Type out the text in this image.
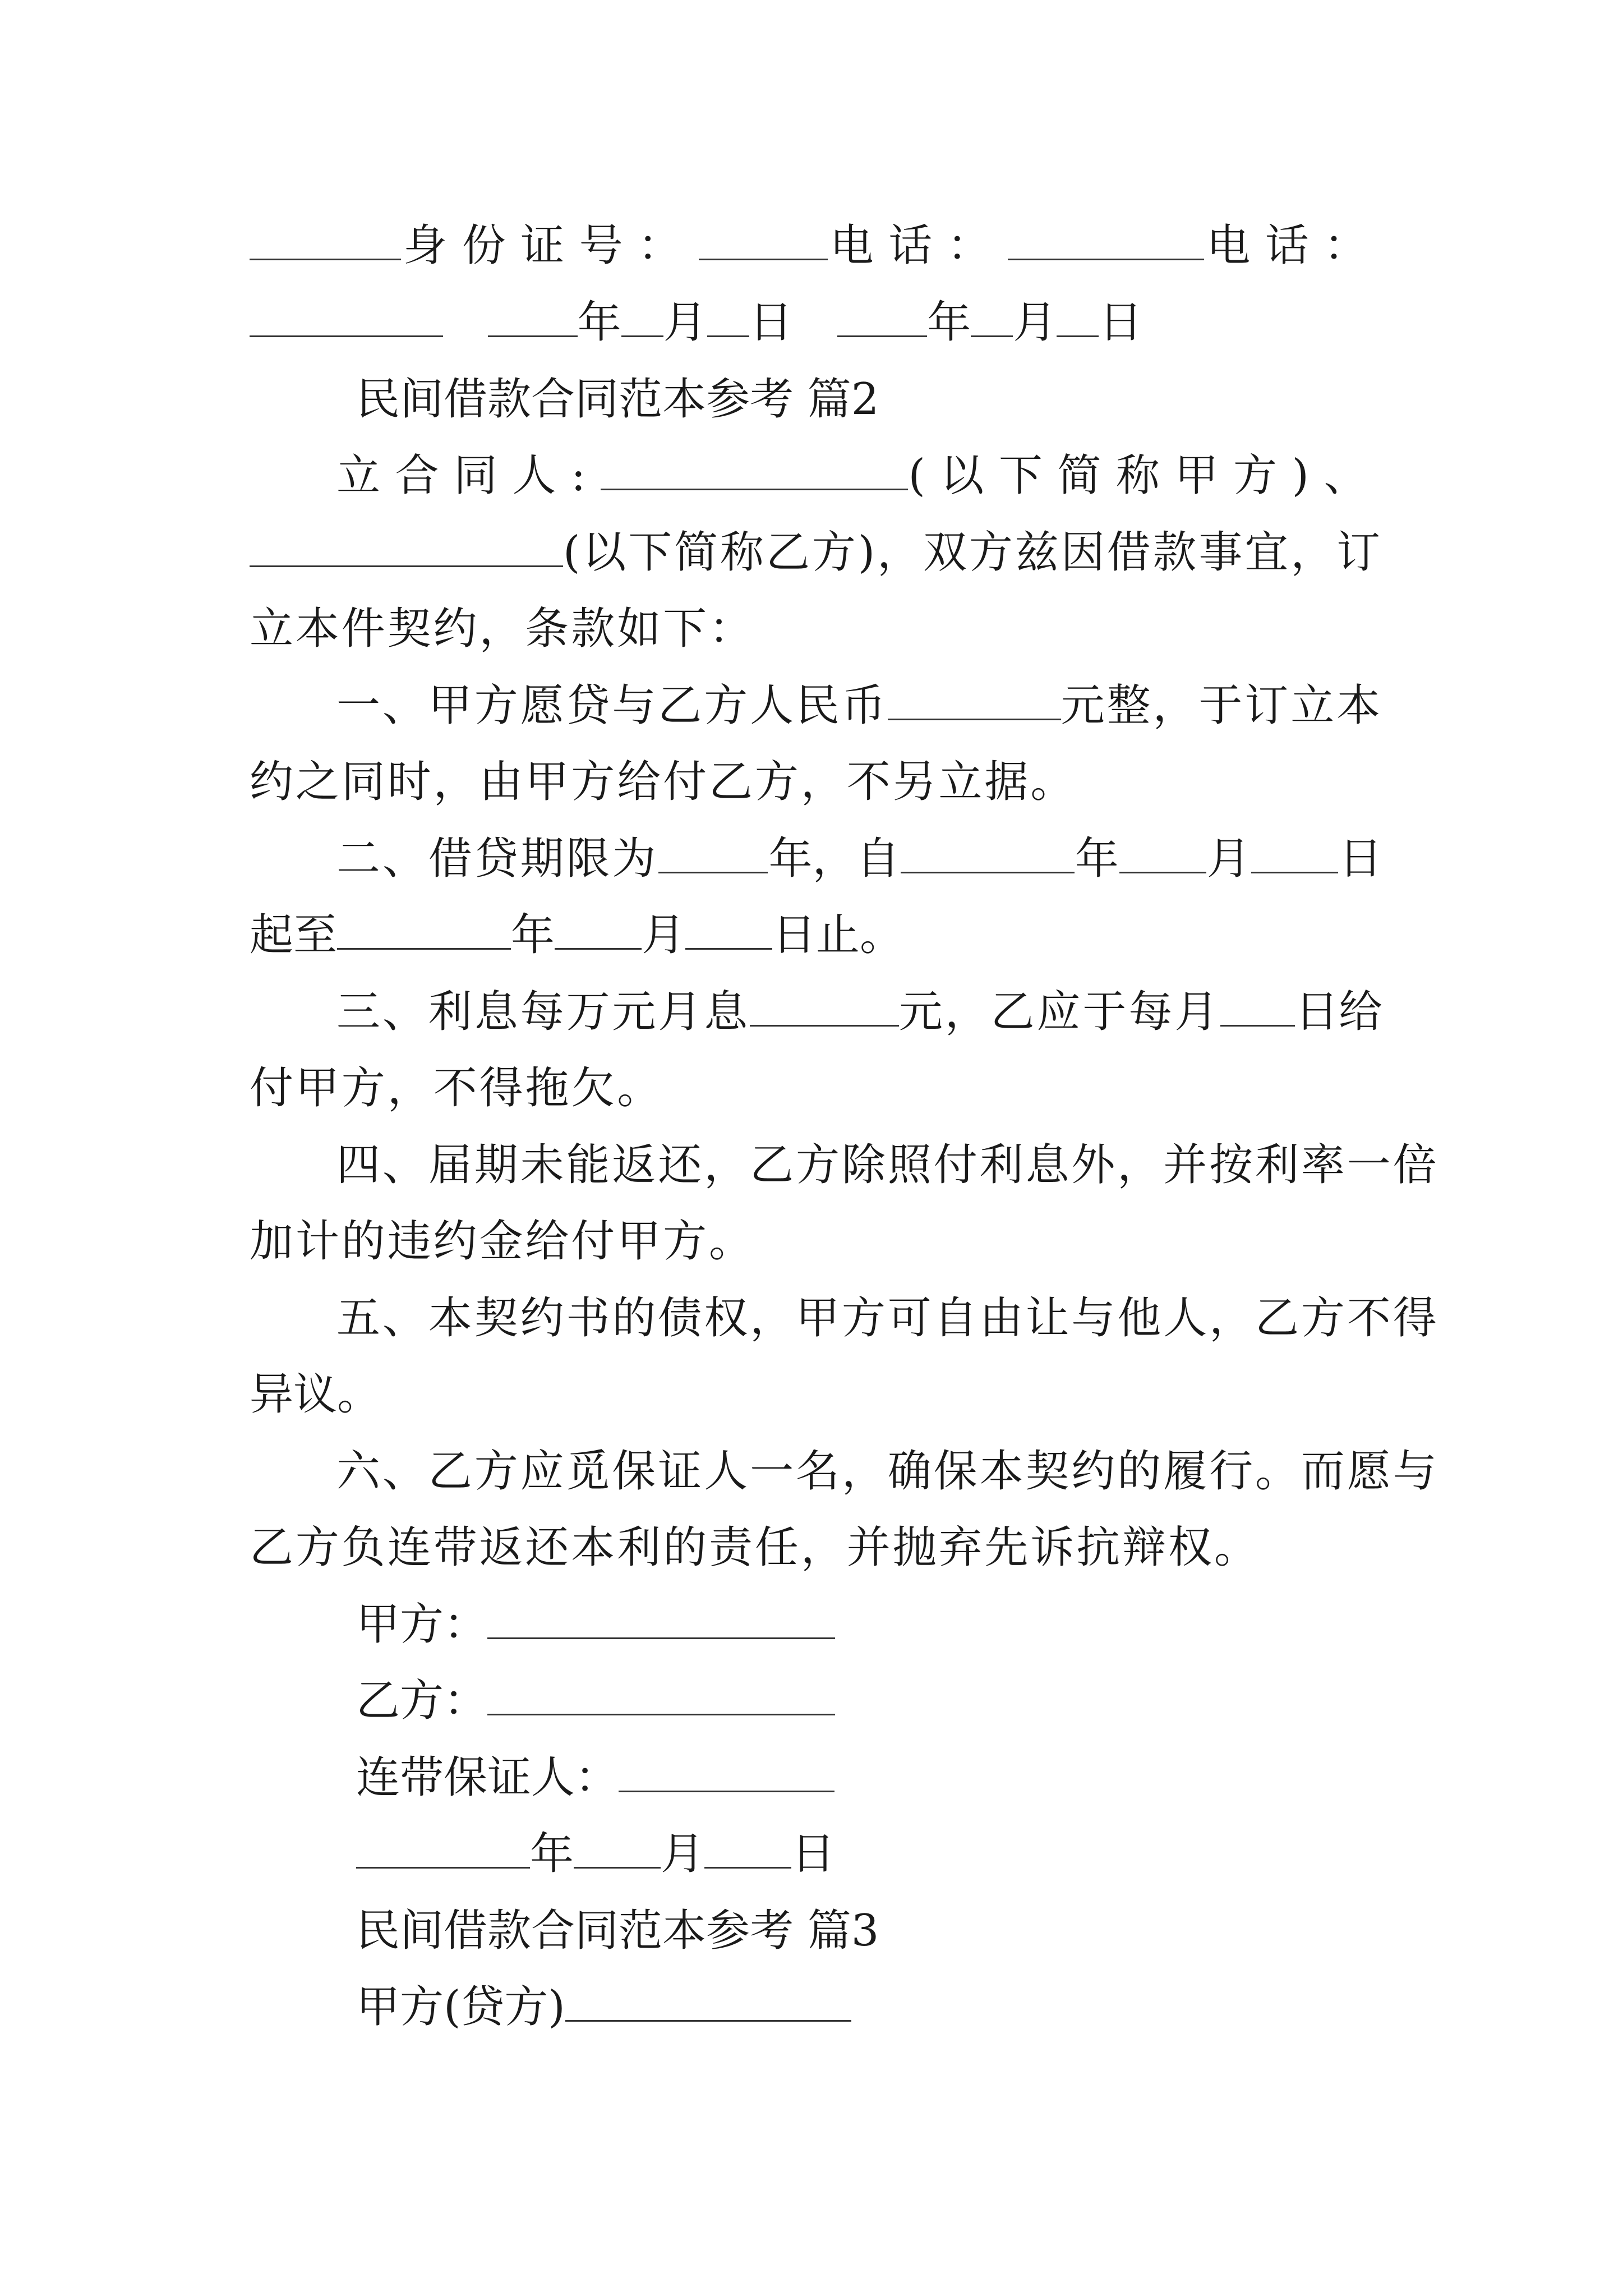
身份证号：	电话：	电话：
年 月 日	年 月 日
民间借款合同范本参考 篇2
立合同人:	(以下简称甲方)、
(以下简称乙方)，双方兹因借款事宜，订
立本件契约，条款如下：
一、甲方愿贷与乙方人民币	元整，于订立本
约之同时，由甲方给付乙方，不另立据。
二、借贷期限为	年，自	年 月 日
起至	年 月 日止。
三、利息每万元月息	元，乙应于每月 日给
付甲方，不得拖欠。
四、届期未能返还，乙方除照付利息外，并按利率一倍
加计的违约金给付甲方。
五、本契约书的债权，甲方可自由让与他人，乙方不得
异议。
六、乙方应觅保证人一名，确保本契约的履行。而愿与
乙方负连带返还本利的责任，并抛弃先诉抗辩权。
甲方：
乙方：
连带保证人：
年 月 日
民间借款合同范本参考 篇3
甲方(贷方)
